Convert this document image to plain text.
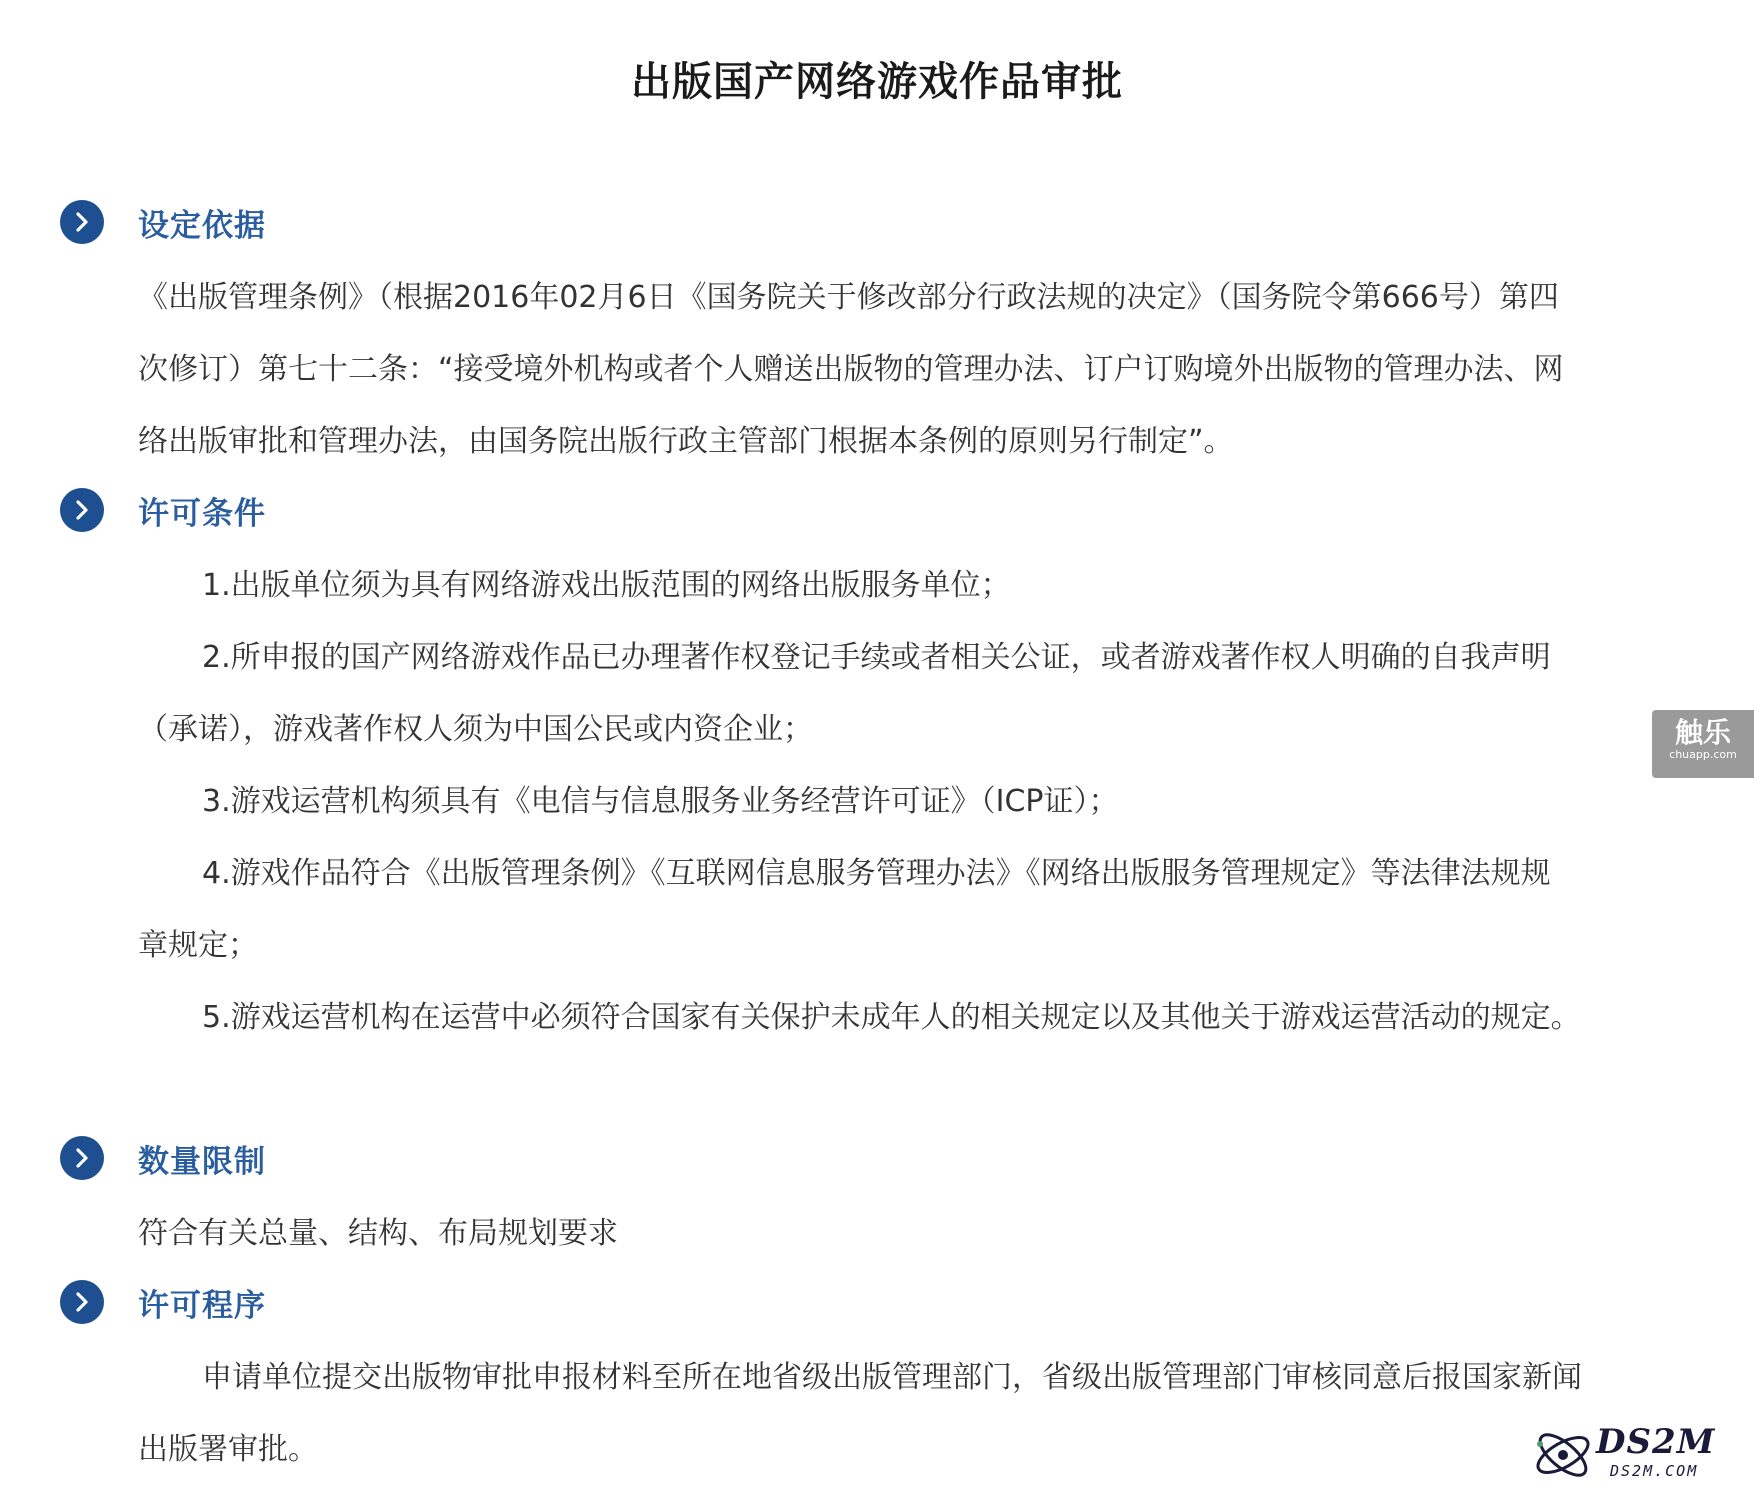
出版国产网络游戏作品审批
设定依据

《出版管理条例》（根据2016年02月6日《国务院关于修改部分行政法规的决定》（国务院令第666号）第四

次修订）第七十二条：“接受境外机构或者个人赠送出版物的管理办法、订户订购境外出版物的管理办法、网

络出版审批和管理办法，由国务院出版行政主管部门根据本条例的原则另行制定”。

许可条件

1.出版单位须为具有网络游戏出版范围的网络出版服务单位；

2.所申报的国产网络游戏作品已办理著作权登记手续或者相关公证，或者游戏著作权人明确的自我声明

（承诺），游戏著作权人须为中国公民或内资企业；

3.游戏运营机构须具有《电信与信息服务业务经营许可证》（ICP证）；

4.游戏作品符合《出版管理条例》《互联网信息服务管理办法》《网络出版服务管理规定》等法律法规规

章规定；

5.游戏运营机构在运营中必须符合国家有关保护未成年人的相关规定以及其他关于游戏运营活动的规定。

数量限制

符合有关总量、结构、布局规划要求

许可程序

申请单位提交出版物审批申报材料至所在地省级出版管理部门，省级出版管理部门审核同意后报国家新闻

出版署审批。

触乐
chuapp.com
DS2M
DS2M.COM
